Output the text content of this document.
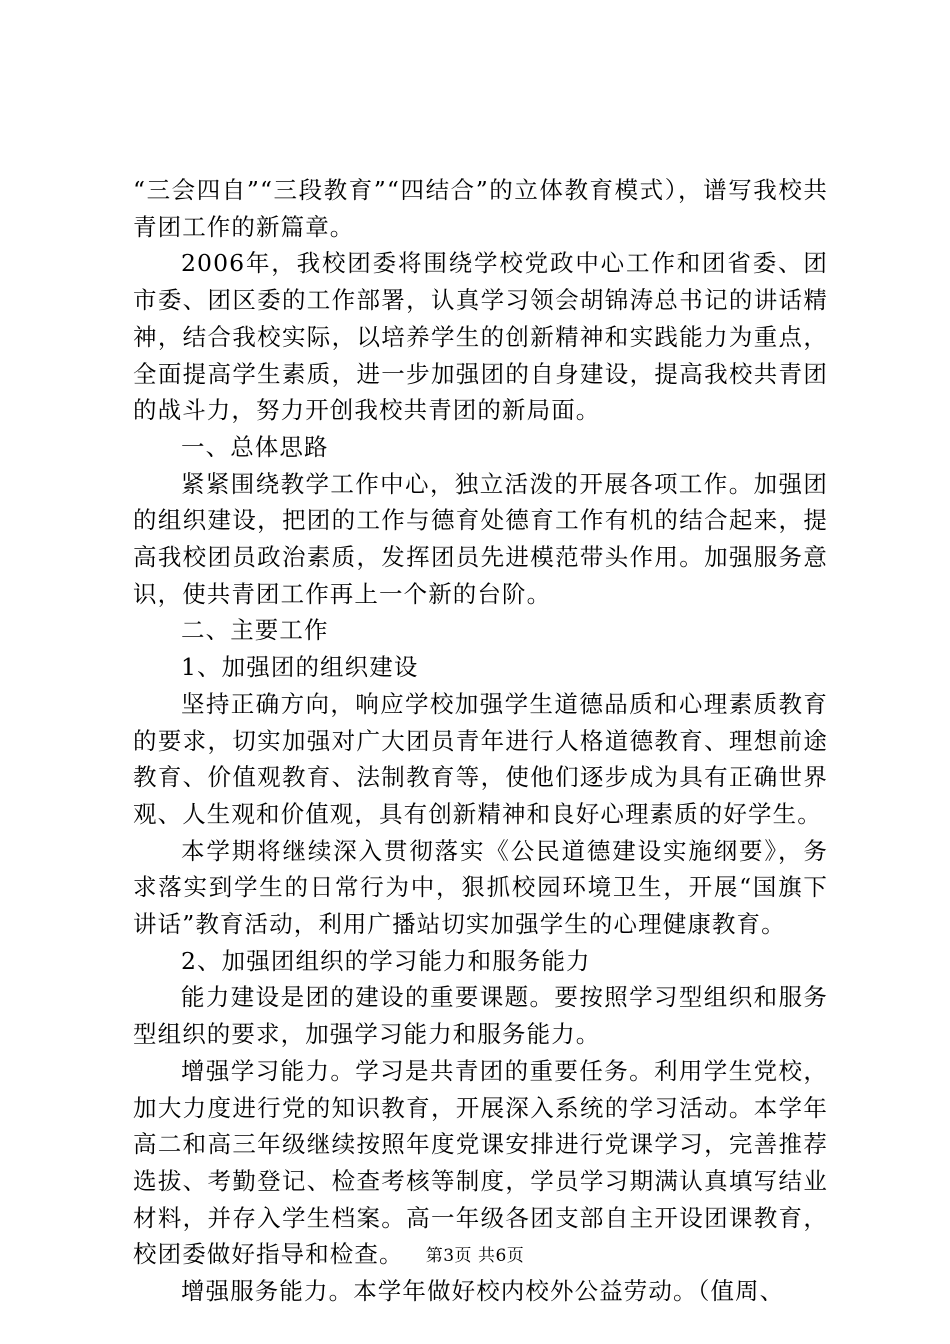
“三会四自”“三段教育”“四结合”的立体教育模式），谱写我校共青团工作的新篇章。

2006年，我校团委将围绕学校党政中心工作和团省委、团市委、团区委的工作部署，认真学习领会胡锦涛总书记的讲话精神，结合我校实际，以培养学生的创新精神和实践能力为重点，全面提高学生素质，进一步加强团的自身建设，提高我校共青团的战斗力，努力开创我校共青团的新局面。

一、总体思路

紧紧围绕教学工作中心，独立活泼的开展各项工作。加强团的组织建设，把团的工作与德育处德育工作有机的结合起来，提高我校团员政治素质，发挥团员先进模范带头作用。加强服务意识，使共青团工作再上一个新的台阶。

二、主要工作

1、加强团的组织建设

坚持正确方向，响应学校加强学生道德品质和心理素质教育的要求，切实加强对广大团员青年进行人格道德教育、理想前途教育、价值观教育、法制教育等，使他们逐步成为具有正确世界观、人生观和价值观，具有创新精神和良好心理素质的好学生。

本学期将继续深入贯彻落实《公民道德建设实施纲要》，务求落实到学生的日常行为中，狠抓校园环境卫生，开展“国旗下讲话”教育活动，利用广播站切实加强学生的心理健康教育。

2、加强团组织的学习能力和服务能力

能力建设是团的建设的重要课题。要按照学习型组织和服务型组织的要求，加强学习能力和服务能力。

增强学习能力。学习是共青团的重要任务。利用学生党校，加大力度进行党的知识教育，开展深入系统的学习活动。本学年高二和高三年级继续按照年度党课安排进行党课学习，完善推荐选拔、考勤登记、检查考核等制度，学员学习期满认真填写结业材料，并存入学生档案。高一年级各团支部自主开设团课教育，校团委做好指导和检查。

增强服务能力。本学年做好校内校外公益劳动。（值周、

第3页 共6页
